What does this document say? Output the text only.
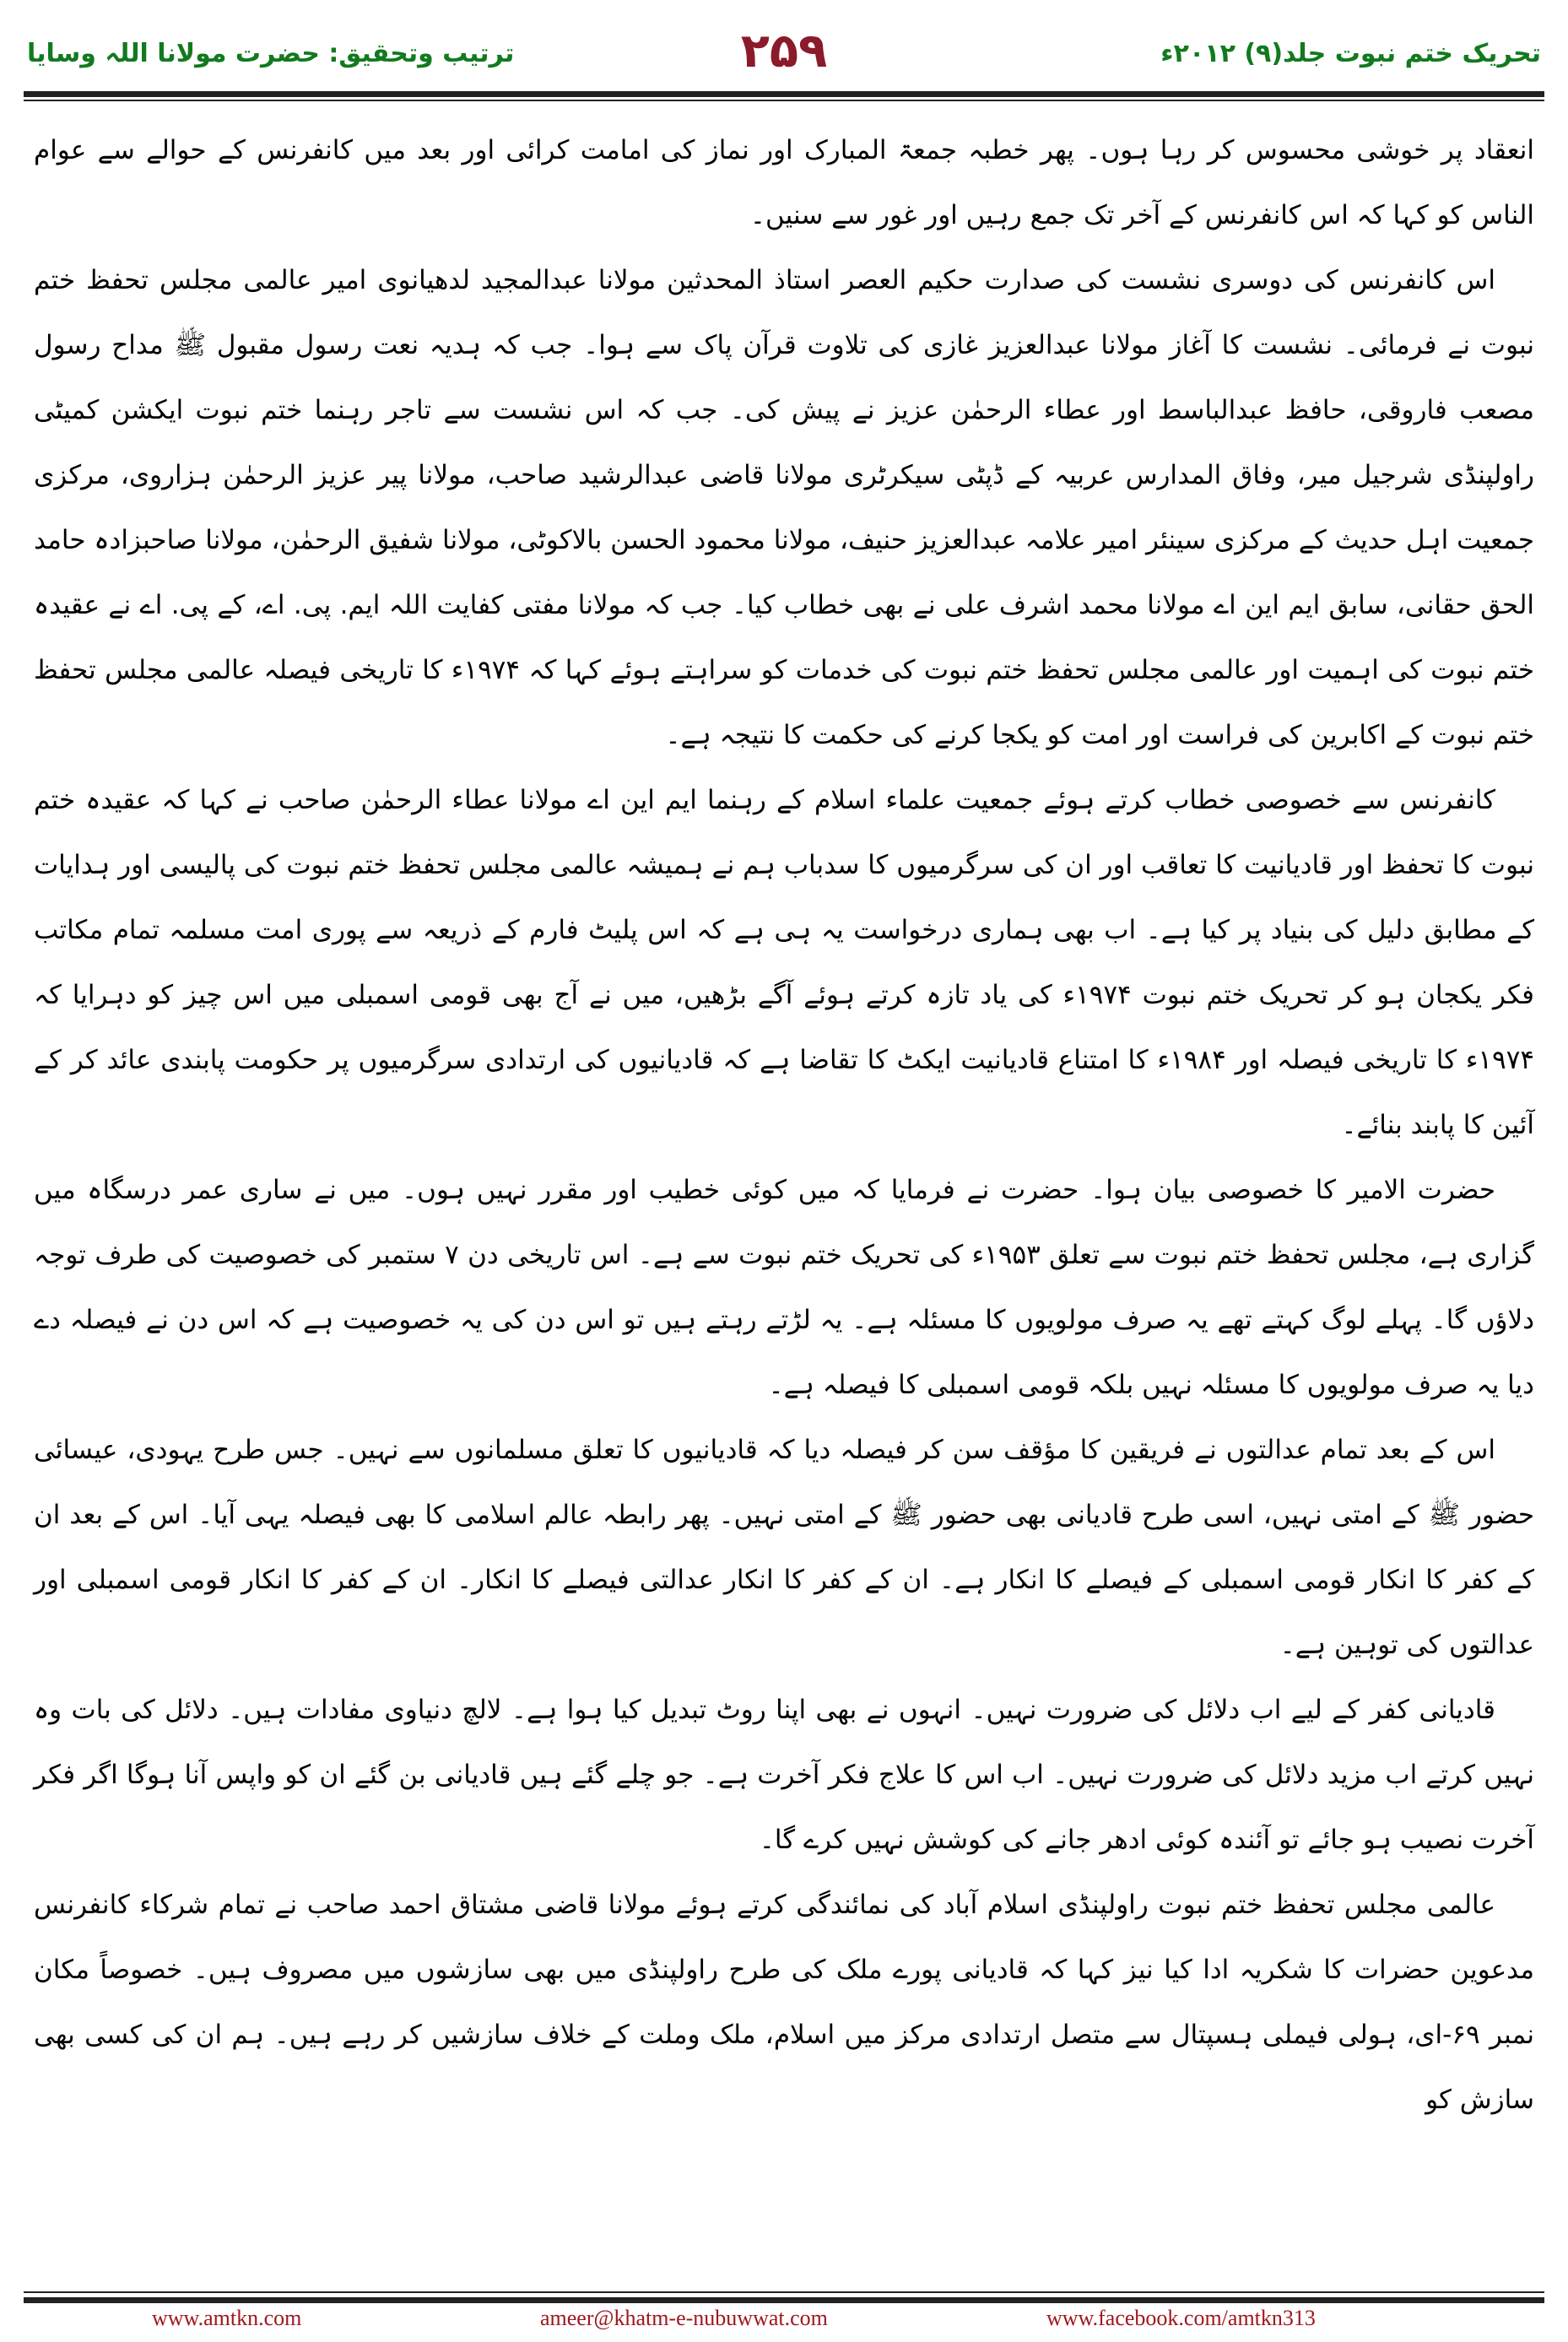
تحریک ختم نبوت جلد(۹) ۲۰۱۲ء
۲۵۹
ترتیب وتحقیق: حضرت مولانا اللہ وسایا

انعقاد پر خوشی محسوس کر رہا ہوں۔ پھر خطبہ جمعۃ المبارک اور نماز کی امامت کرائی اور بعد میں کانفرنس کے حوالے سے عوام الناس کو کہا کہ اس کانفرنس کے آخر تک جمع رہیں اور غور سے سنیں۔

اس کانفرنس کی دوسری نشست کی صدارت حکیم العصر استاذ المحدثین مولانا عبدالمجید لدھیانوی امیر عالمی مجلس تحفظ ختم نبوت نے فرمائی۔ نشست کا آغاز مولانا عبدالعزیز غازی کی تلاوت قرآن پاک سے ہوا۔ جب کہ ہدیہ نعت رسول مقبول ﷺ مداح رسول مصعب فاروقی، حافظ عبدالباسط اور عطاء الرحمٰن عزیز نے پیش کی۔ جب کہ اس نشست سے تاجر رہنما ختم نبوت ایکشن کمیٹی راولپنڈی شرجیل میر، وفاق المدارس عربیہ کے ڈپٹی سیکرٹری مولانا قاضی عبدالرشید صاحب، مولانا پیر عزیز الرحمٰن ہزاروی، مرکزی جمعیت اہل حدیث کے مرکزی سینئر امیر علامہ عبدالعزیز حنیف، مولانا محمود الحسن بالاکوٹی، مولانا شفیق الرحمٰن، مولانا صاحبزادہ حامد الحق حقانی، سابق ایم این اے مولانا محمد اشرف علی نے بھی خطاب کیا۔ جب کہ مولانا مفتی کفایت اللہ ایم. پی. اے، کے پی. اے نے عقیدہ ختم نبوت کی اہمیت اور عالمی مجلس تحفظ ختم نبوت کی خدمات کو سراہتے ہوئے کہا کہ ۱۹۷۴ء کا تاریخی فیصلہ عالمی مجلس تحفظ ختم نبوت کے اکابرین کی فراست اور امت کو یکجا کرنے کی حکمت کا نتیجہ ہے۔

کانفرنس سے خصوصی خطاب کرتے ہوئے جمعیت علماء اسلام کے رہنما ایم این اے مولانا عطاء الرحمٰن صاحب نے کہا کہ عقیدہ ختم نبوت کا تحفظ اور قادیانیت کا تعاقب اور ان کی سرگرمیوں کا سدباب ہم نے ہمیشہ عالمی مجلس تحفظ ختم نبوت کی پالیسی اور ہدایات کے مطابق دلیل کی بنیاد پر کیا ہے۔ اب بھی ہماری درخواست یہ ہی ہے کہ اس پلیٹ فارم کے ذریعہ سے پوری امت مسلمہ تمام مکاتب فکر یکجان ہو کر تحریک ختم نبوت ۱۹۷۴ء کی یاد تازہ کرتے ہوئے آگے بڑھیں، میں نے آج بھی قومی اسمبلی میں اس چیز کو دہرایا کہ ۱۹۷۴ء کا تاریخی فیصلہ اور ۱۹۸۴ء کا امتناع قادیانیت ایکٹ کا تقاضا ہے کہ قادیانیوں کی ارتدادی سرگرمیوں پر حکومت پابندی عائد کر کے آئین کا پابند بنائے۔

حضرت الامیر کا خصوصی بیان ہوا۔ حضرت نے فرمایا کہ میں کوئی خطیب اور مقرر نہیں ہوں۔ میں نے ساری عمر درسگاہ میں گزاری ہے، مجلس تحفظ ختم نبوت سے تعلق ۱۹۵۳ء کی تحریک ختم نبوت سے ہے۔ اس تاریخی دن ۷ ستمبر کی خصوصیت کی طرف توجہ دلاؤں گا۔ پہلے لوگ کہتے تھے یہ صرف مولویوں کا مسئلہ ہے۔ یہ لڑتے رہتے ہیں تو اس دن کی یہ خصوصیت ہے کہ اس دن نے فیصلہ دے دیا یہ صرف مولویوں کا مسئلہ نہیں بلکہ قومی اسمبلی کا فیصلہ ہے۔

اس کے بعد تمام عدالتوں نے فریقین کا مؤقف سن کر فیصلہ دیا کہ قادیانیوں کا تعلق مسلمانوں سے نہیں۔ جس طرح یہودی، عیسائی حضور ﷺ کے امتی نہیں، اسی طرح قادیانی بھی حضور ﷺ کے امتی نہیں۔ پھر رابطہ عالم اسلامی کا بھی فیصلہ یہی آیا۔ اس کے بعد ان کے کفر کا انکار قومی اسمبلی کے فیصلے کا انکار ہے۔ ان کے کفر کا انکار عدالتی فیصلے کا انکار۔ ان کے کفر کا انکار قومی اسمبلی اور عدالتوں کی توہین ہے۔

قادیانی کفر کے لیے اب دلائل کی ضرورت نہیں۔ انہوں نے بھی اپنا روٹ تبدیل کیا ہوا ہے۔ لالچ دنیاوی مفادات ہیں۔ دلائل کی بات وہ نہیں کرتے اب مزید دلائل کی ضرورت نہیں۔ اب اس کا علاج فکر آخرت ہے۔ جو چلے گئے ہیں قادیانی بن گئے ان کو واپس آنا ہوگا اگر فکر آخرت نصیب ہو جائے تو آئندہ کوئی ادھر جانے کی کوشش نہیں کرے گا۔

عالمی مجلس تحفظ ختم نبوت راولپنڈی اسلام آباد کی نمائندگی کرتے ہوئے مولانا قاضی مشتاق احمد صاحب نے تمام شرکاء کانفرنس مدعوین حضرات کا شکریہ ادا کیا نیز کہا کہ قادیانی پورے ملک کی طرح راولپنڈی میں بھی سازشوں میں مصروف ہیں۔ خصوصاً مکان نمبر ۶۹-ای، ہولی فیملی ہسپتال سے متصل ارتدادی مرکز میں اسلام، ملک وملت کے خلاف سازشیں کر رہے ہیں۔ ہم ان کی کسی بھی سازش کو

www.amtkn.com	ameer@khatm-e-nubuwwat.com	www.facebook.com/amtkn313
